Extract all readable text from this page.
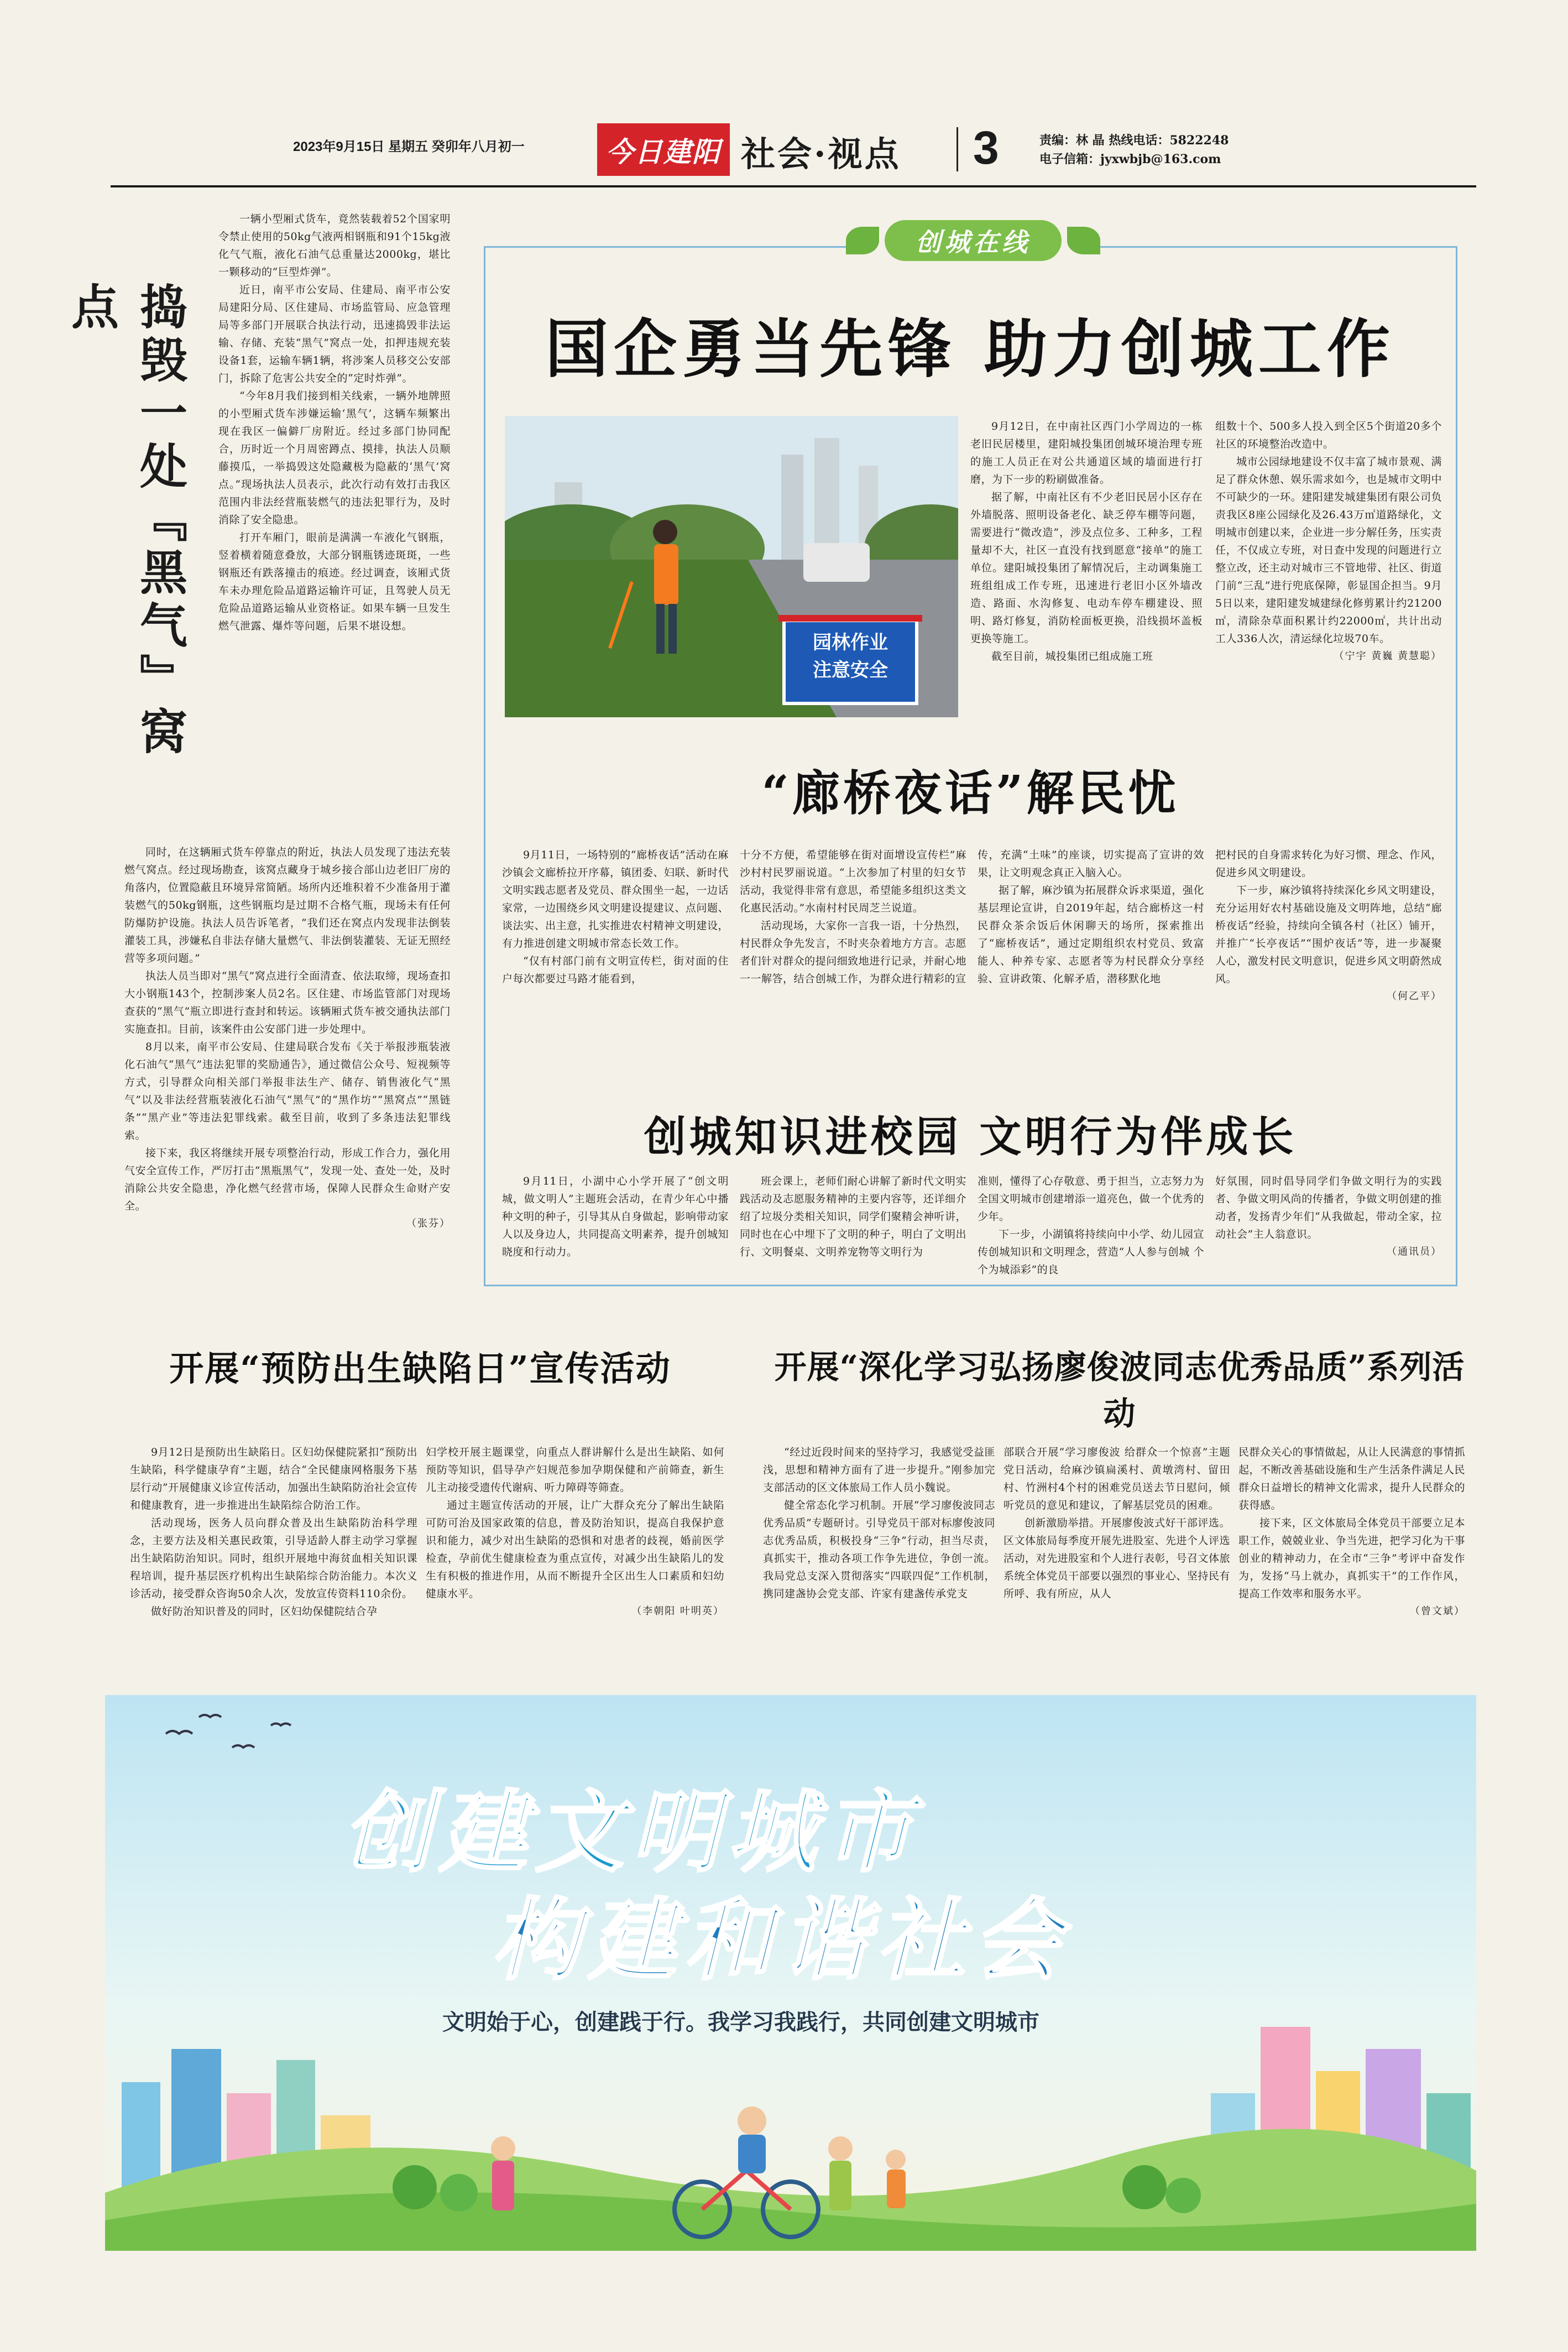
2023年9月15日 星期五 癸卯年八月初一	今日建阳 社会·视点 3	责编：林 晶 热线电话：5822248
电子信箱：jyxwbjb@163.com
捣毁一处『黑气』窝点

一辆小型厢式货车，竟然装载着52个国家明令禁止使用的50kg气液两相钢瓶和91个15kg液化气气瓶，液化石油气总重量达2000kg，堪比一颗移动的“巨型炸弹”。

近日，南平市公安局、住建局、南平市公安局建阳分局、区住建局、市场监管局、应急管理局等多部门开展联合执法行动，迅速捣毁非法运输、存储、充装“黑气”窝点一处，扣押违规充装设备1套，运输车辆1辆，将涉案人员移交公安部门，拆除了危害公共安全的“定时炸弹”。

“今年8月我们接到相关线索，一辆外地牌照的小型厢式货车涉嫌运输‘黑气’，这辆车频繁出现在我区一偏僻厂房附近。经过多部门协同配合，历时近一个月周密蹲点、摸排，执法人员顺藤摸瓜，一举捣毁这处隐藏极为隐蔽的‘黑气’窝点。”现场执法人员表示，此次行动有效打击我区范围内非法经营瓶装燃气的违法犯罪行为，及时消除了安全隐患。

打开车厢门，眼前是满满一车液化气钢瓶，竖着横着随意叠放，大部分钢瓶锈迹斑斑，一些钢瓶还有跌落撞击的痕迹。经过调查，该厢式货车未办理危险品道路运输许可证，且驾驶人员无危险品道路运输从业资格证。如果车辆一旦发生燃气泄露、爆炸等问题，后果不堪设想。

同时，在这辆厢式货车停靠点的附近，执法人员发现了违法充装燃气窝点。经过现场勘查，该窝点藏身于城乡接合部山边老旧厂房的角落内，位置隐蔽且环境异常简陋。场所内还堆积着不少准备用于灌装燃气的50kg钢瓶，这些钢瓶均是过期不合格气瓶，现场未有任何防爆防护设施。执法人员告诉笔者，“我们还在窝点内发现非法倒装灌装工具，涉嫌私自非法存储大量燃气、非法倒装灌装、无证无照经营等多项问题。”

执法人员当即对“黑气”窝点进行全面清查、依法取缔，现场查扣大小钢瓶143个，控制涉案人员2名。区住建、市场监管部门对现场查获的“黑气”瓶立即进行查封和转运。该辆厢式货车被交通执法部门实施查扣。目前，该案件由公安部门进一步处理中。

8月以来，南平市公安局、住建局联合发布《关于举报涉瓶装液化石油气“黑气”违法犯罪的奖励通告》，通过微信公众号、短视频等方式，引导群众向相关部门举报非法生产、储存、销售液化气“黑气”以及非法经营瓶装液化石油气“黑气”的“黑作坊”“黑窝点”“黑链条”“黑产业”等违法犯罪线索。截至目前，收到了多条违法犯罪线索。

接下来，我区将继续开展专项整治行动，形成工作合力，强化用气安全宣传工作，严厉打击“黑瓶黑气”，发现一处、查处一处，及时消除公共安全隐患，净化燃气经营市场，保障人民群众生命财产安全。

（张芬）
创城在线
国企勇当先锋 助力创城工作
园林作业
注意安全

9月12日，在中南社区西门小学周边的一栋老旧民居楼里，建阳城投集团创城环境治理专班的施工人员正在对公共通道区域的墙面进行打磨，为下一步的粉刷做准备。

据了解，中南社区有不少老旧民居小区存在外墙脱落、照明设备老化、缺乏停车棚等问题，需要进行“微改造”，涉及点位多、工种多，工程量却不大，社区一直没有找到愿意“接单”的施工单位。建阳城投集团了解情况后，主动调集施工班组组成工作专班，迅速进行老旧小区外墙改造、路面、水沟修复、电动车停车棚建设、照明、路灯修复，消防栓面板更换，沿线损坏盖板更换等施工。

截至目前，城投集团已组成施工班

组数十个、500多人投入到全区5个街道20多个社区的环境整治改造中。

城市公园绿地建设不仅丰富了城市景观、满足了群众休憩、娱乐需求如今，也是城市文明中不可缺少的一环。建阳建发城建集团有限公司负责我区8座公园绿化及26.43万㎡道路绿化，文明城市创建以来，企业进一步分解任务，压实责任，不仅成立专班，对日查中发现的问题进行立整立改，还主动对城市三不管地带、社区、街道门前“三乱”进行兜底保障，彰显国企担当。9月5日以来，建阳建发城建绿化修剪累计约21200㎡，清除杂草面积累计约22000㎡，共计出动工人336人次，清运绿化垃圾70车。

（宁宇 黄巍 黄慧聪）
“廊桥夜话”解民忧

9月11日，一场特别的“廊桥夜话”活动在麻沙镇会文廊桥拉开序幕，镇团委、妇联、新时代文明实践志愿者及党员、群众围坐一起，一边话家常，一边围绕乡风文明建设提建议、点问题、谈法实、出主意，扎实推进农村精神文明建设，有力推进创建文明城市常态长效工作。

“仅有村部门前有文明宣传栏，街对面的住户每次都要过马路才能看到，

十分不方便，希望能够在街对面增设宣传栏”麻沙村村民罗丽说道。“上次参加了村里的妇女节活动，我觉得非常有意思，希望能多组织这类文化惠民活动。”水南村村民周芝兰说道。

活动现场，大家你一言我一语，十分热烈，村民群众争先发言，不时夹杂着地方方言。志愿者们针对群众的提问细致地进行记录，并耐心地一一解答，结合创城工作，为群众进行精彩的宣

传，充满“土味”的座谈，切实提高了宣讲的效果，让文明观念真正入脑入心。

据了解，麻沙镇为拓展群众诉求渠道，强化基层理论宣讲，自2019年起，结合廊桥这一村民群众茶余饭后休闲聊天的场所，探索推出了“廊桥夜话”，通过定期组织农村党员、致富能人、种养专家、志愿者等为村民群众分享经验、宣讲政策、化解矛盾，潜移默化地

把村民的自身需求转化为好习惯、理念、作风，促进乡风文明建设。

下一步，麻沙镇将持续深化乡风文明建设，充分运用好农村基础设施及文明阵地，总结“廊桥夜话”经验，持续向全镇各村（社区）铺开，并推广“长亭夜话”“围炉夜话”等，进一步凝聚人心，激发村民文明意识，促进乡风文明蔚然成风。

（何乙平）
创城知识进校园 文明行为伴成长

9月11日，小湖中心小学开展了“创文明城，做文明人”主题班会活动，在青少年心中播种文明的种子，引导其从自身做起，影响带动家人以及身边人，共同提高文明素养，提升创城知晓度和行动力。

班会课上，老师们耐心讲解了新时代文明实践活动及志愿服务精神的主要内容等，还详细介绍了垃圾分类相关知识，同学们聚精会神听讲，同时也在心中埋下了文明的种子，明白了文明出行、文明餐桌、文明养宠物等文明行为

准则，懂得了心存敬意、勇于担当，立志努力为全国文明城市创建增添一道亮色，做一个优秀的少年。

下一步，小湖镇将持续向中小学、幼儿园宣传创城知识和文明理念，营造“人人参与创城 个个为城添彩”的良

好氛围，同时倡导同学们争做文明行为的实践者、争做文明风尚的传播者，争做文明创建的推动者，发扬青少年们“从我做起，带动全家，拉动社会”主人翁意识。

（通讯员）
开展“预防出生缺陷日”宣传活动	开展“深化学习弘扬廖俊波同志优秀品质”系列活动

9月12日是预防出生缺陷日。区妇幼保健院紧扣“预防出生缺陷，科学健康孕育”主题，结合“全民健康网格服务下基层行动”开展健康义诊宣传活动，加强出生缺陷防治社会宣传和健康教育，进一步推进出生缺陷综合防治工作。

活动现场，医务人员向群众普及出生缺陷防治科学理念，主要方法及相关惠民政策，引导适龄人群主动学习掌握出生缺陷防治知识。同时，组织开展地中海贫血相关知识课程培训，提升基层医疗机构出生缺陷综合防治能力。本次义诊活动，接受群众咨询50余人次，发放宣传资料110余份。

做好防治知识普及的同时，区妇幼保健院结合孕

妇学校开展主题课堂，向重点人群讲解什么是出生缺陷、如何预防等知识，倡导孕产妇规范参加孕期保健和产前筛查，新生儿主动接受遗传代谢病、听力障碍等筛查。

通过主题宣传活动的开展，让广大群众充分了解出生缺陷可防可治及国家政策的信息，普及防治知识，提高自我保护意识和能力，减少对出生缺陷的恐惧和对患者的歧视，婚前医学检查，孕前优生健康检查为重点宣传，对减少出生缺陷儿的发生有积极的推进作用，从而不断提升全区出生人口素质和妇幼健康水平。

（李朝阳 叶明英）

“经过近段时间来的坚持学习，我感觉受益匪浅，思想和精神方面有了进一步提升。”刚参加完支部活动的区文体旅局工作人员小魏说。

健全常态化学习机制。开展“学习廖俊波同志优秀品质”专题研讨。引导党员干部对标廖俊波同志优秀品质，积极投身“三争”行动，担当尽责，真抓实干，推动各项工作争先进位，争创一流。我局党总支深入贯彻落实“四联四促”工作机制，携同建盏协会党支部、许家有建盏传承党支

部联合开展“学习廖俊波 给群众一个惊喜”主题党日活动，给麻沙镇扁溪村、黄墩湾村、留田村、竹洲村4个村的困难党员送去节日慰问，倾听党员的意见和建议，了解基层党员的困难。

创新激励举措。开展廖俊波式好干部评选。区文体旅局每季度开展先进股室、先进个人评选活动，对先进股室和个人进行表彰，号召文体旅系统全体党员干部要以强烈的事业心、坚持民有所呼、我有所应，从人

民群众关心的事情做起，从让人民满意的事情抓起，不断改善基础设施和生产生活条件满足人民群众日益增长的精神文化需求，提升人民群众的获得感。

接下来，区文体旅局全体党员干部要立足本职工作，兢兢业业、争当先进，把学习化为干事创业的精神动力，在全市“三争”考评中奋发作为，发扬“马上就办，真抓实干”的工作作风，提高工作效率和服务水平。

（曾文斌）
创建文明城市
构建和谐社会
文明始于心，创建践于行。我学习我践行，共同创建文明城市
